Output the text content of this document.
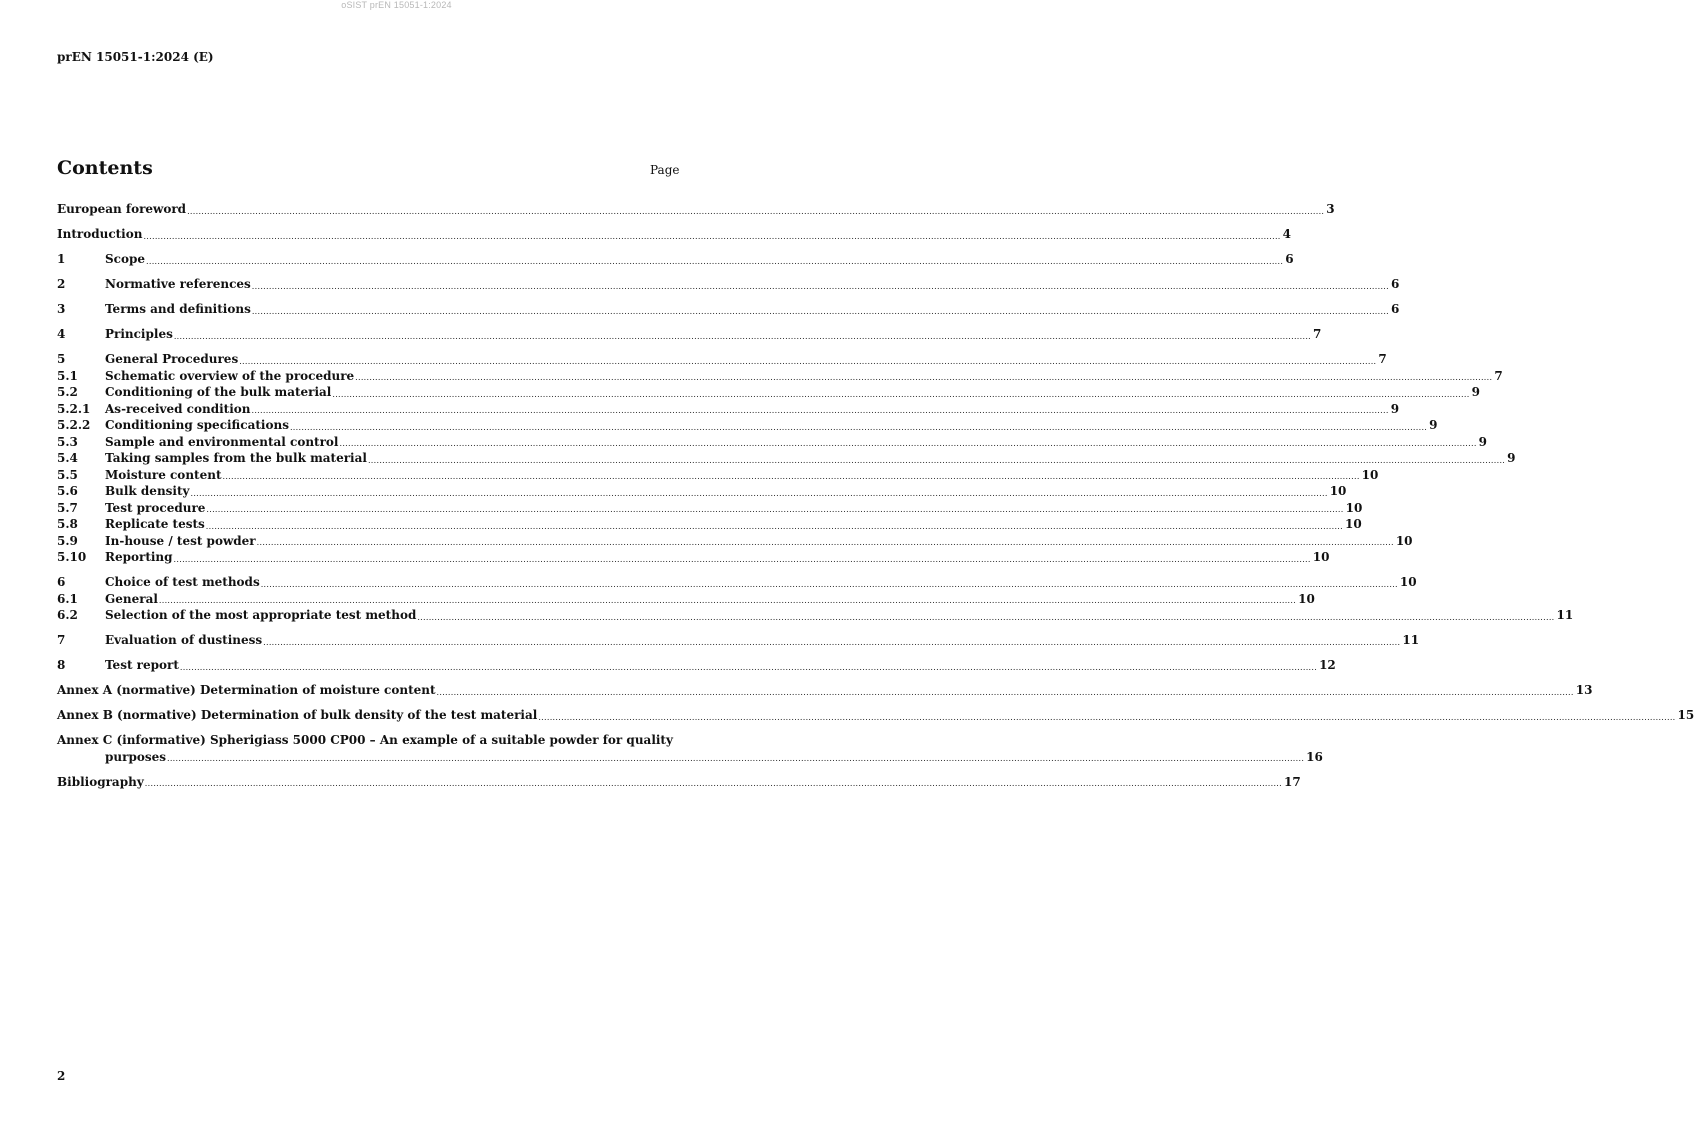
oSIST prEN 15051-1:2024
prEN 15051-1:2024 (E)
Contents	Page
European foreword ................................................................................................................................................................................................................................................................................................................................................................................................................ 3
Introduction ................................................................................................................................................................................................................................................................................................................................................................................................................ 4
1	Scope ................................................................................................................................................................................................................................................................................................................................................................................................................ 6
2	Normative references ................................................................................................................................................................................................................................................................................................................................................................................................................ 6
3	Terms and definitions ................................................................................................................................................................................................................................................................................................................................................................................................................ 6
4	Principles ................................................................................................................................................................................................................................................................................................................................................................................................................ 7
5	General Procedures ................................................................................................................................................................................................................................................................................................................................................................................................................ 7
5.1	Schematic overview of the procedure ................................................................................................................................................................................................................................................................................................................................................................................................................ 7
5.2	Conditioning of the bulk material ................................................................................................................................................................................................................................................................................................................................................................................................................ 9
5.2.1	As-received condition ................................................................................................................................................................................................................................................................................................................................................................................................................ 9
5.2.2	Conditioning specifications ................................................................................................................................................................................................................................................................................................................................................................................................................ 9
5.3	Sample and environmental control ................................................................................................................................................................................................................................................................................................................................................................................................................ 9
5.4	Taking samples from the bulk material ................................................................................................................................................................................................................................................................................................................................................................................................................ 9
5.5	Moisture content ................................................................................................................................................................................................................................................................................................................................................................................................................ 10
5.6	Bulk density ................................................................................................................................................................................................................................................................................................................................................................................................................ 10
5.7	Test procedure ................................................................................................................................................................................................................................................................................................................................................................................................................ 10
5.8	Replicate tests ................................................................................................................................................................................................................................................................................................................................................................................................................ 10
5.9	In-house / test powder ................................................................................................................................................................................................................................................................................................................................................................................................................ 10
5.10	Reporting ................................................................................................................................................................................................................................................................................................................................................................................................................ 10
6	Choice of test methods ................................................................................................................................................................................................................................................................................................................................................................................................................ 10
6.1	General ................................................................................................................................................................................................................................................................................................................................................................................................................ 10
6.2	Selection of the most appropriate test method ................................................................................................................................................................................................................................................................................................................................................................................................................ 11
7	Evaluation of dustiness ................................................................................................................................................................................................................................................................................................................................................................................................................ 11
8	Test report ................................................................................................................................................................................................................................................................................................................................................................................................................ 12
Annex A (normative) Determination of moisture content ................................................................................................................................................................................................................................................................................................................................................................................................................ 13
Annex B (normative) Determination of bulk density of the test material ................................................................................................................................................................................................................................................................................................................................................................................................................ 15
Annex C (informative) Spherigiass 5000 CP00 – An example of a suitable powder for quality
purposes ................................................................................................................................................................................................................................................................................................................................................................................................................ 16
Bibliography ................................................................................................................................................................................................................................................................................................................................................................................................................ 17
2
